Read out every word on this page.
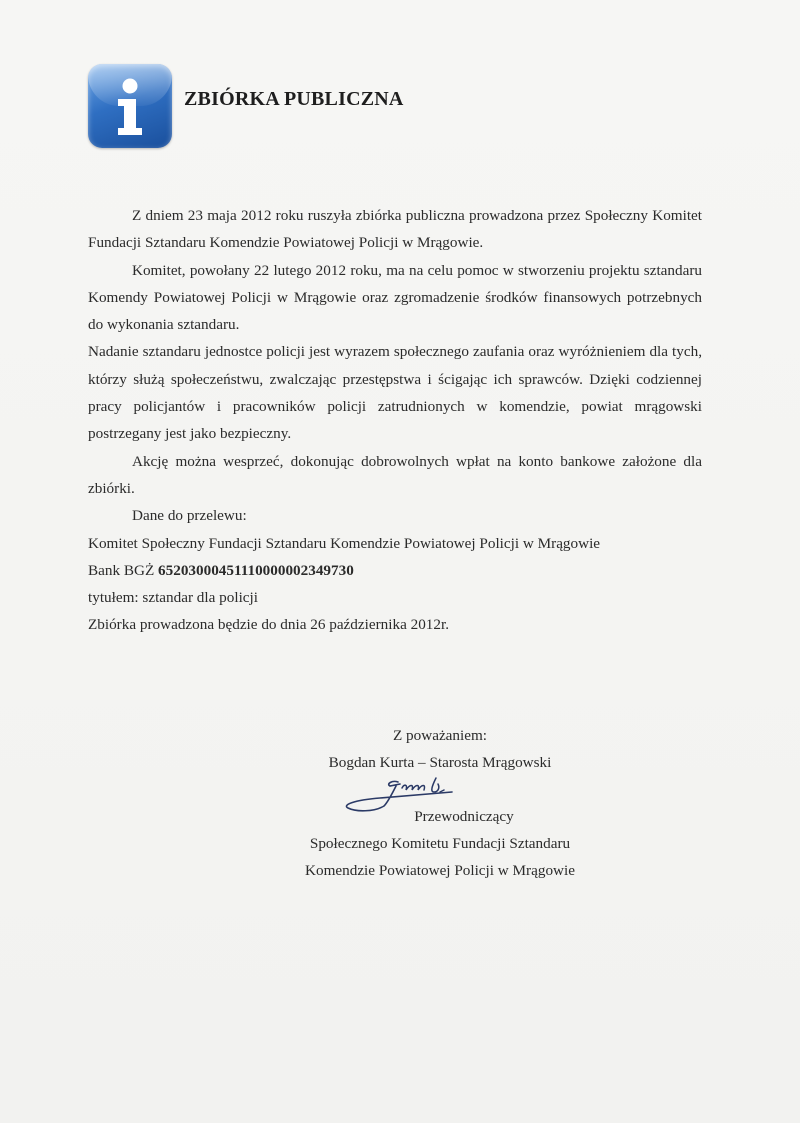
ZBIÓRKA PUBLICZNA

Z dniem 23 maja 2012 roku ruszyła zbiórka publiczna prowadzona przez Społeczny Komitet Fundacji Sztandaru Komendzie Powiatowej Policji w Mrągowie.

Komitet, powołany 22 lutego 2012 roku, ma na celu pomoc w stworzeniu projektu sztandaru Komendy Powiatowej Policji w Mrągowie oraz zgromadzenie środków finansowych potrzebnych do wykonania sztandaru.

Nadanie sztandaru jednostce policji jest wyrazem społecznego zaufania oraz wyróżnieniem dla tych, którzy służą społeczeństwu, zwalczając przestępstwa i ścigając ich sprawców. Dzięki codziennej pracy policjantów i pracowników policji zatrudnionych w komendzie, powiat mrągowski postrzegany jest jako bezpieczny.

Akcję można wesprzeć, dokonując dobrowolnych wpłat na konto bankowe założone dla zbiórki.

Dane do przelewu:

Komitet Społeczny Fundacji Sztandaru Komendzie Powiatowej Policji w Mrągowie

Bank BGŻ 65203000451110000002349730

tytułem: sztandar dla policji

Zbiórka prowadzona będzie do dnia 26 października 2012r.

Z poważaniem:
Bogdan Kurta – Starosta Mrągowski
Przewodniczący
Społecznego Komitetu Fundacji Sztandaru
Komendzie Powiatowej Policji w Mrągowie
